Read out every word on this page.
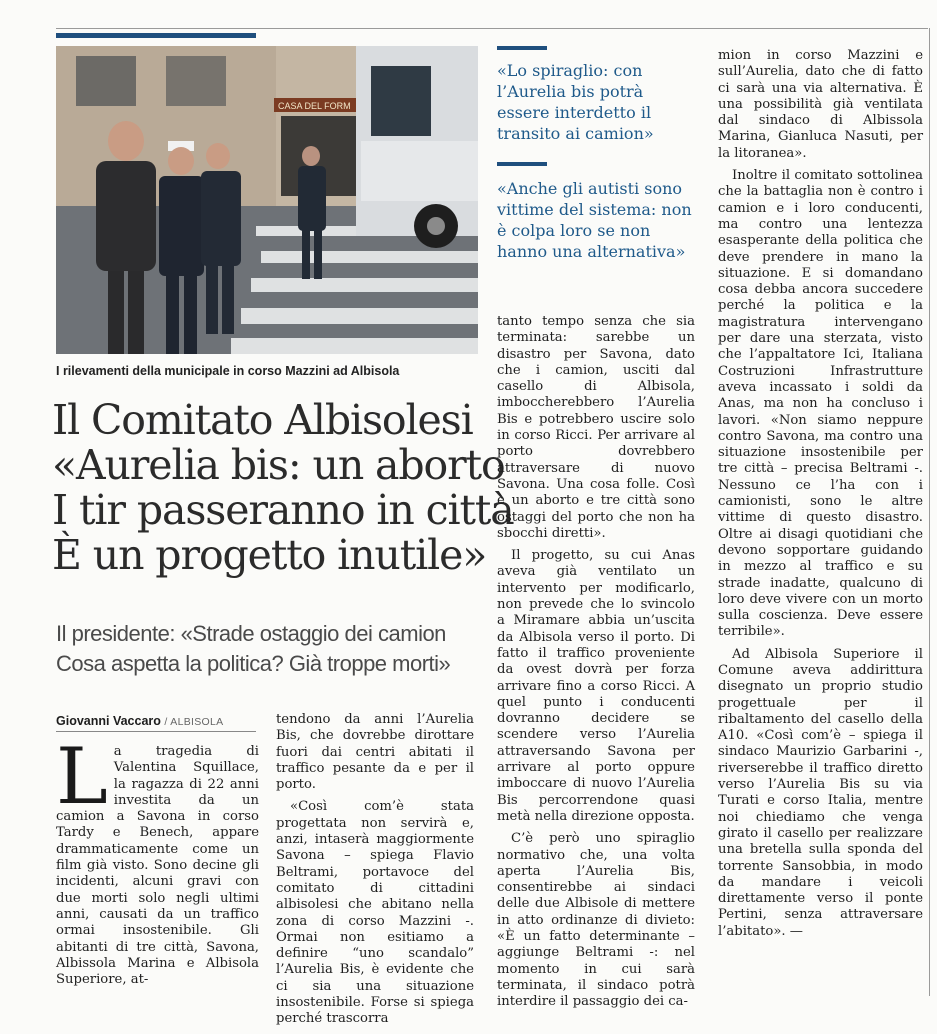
CASA DEL FORM
I rilevamenti della municipale in corso Mazzini ad Albisola
Il Comitato Albisolesi
«Aurelia bis: un aborto
I tir passeranno in città
È un progetto inutile»
Il presidente: «Strade ostaggio dei camion
Cosa aspetta la politica? Già troppe morti»
Giovanni Vaccaro / ALBISOLA
L a tragedia di Valentina Squillace, la ragazza di 22 anni investita da un camion a Savona in corso Tardy e Benech, appare drammaticamente come un film già visto. Sono decine gli incidenti, alcuni gravi con due morti solo negli ultimi anni, causati da un traffico ormai insostenibile. Gli abitanti di tre città, Savona, Albissola Marina e Albisola Superiore, at-

tendono da anni l’Aurelia Bis, che dovrebbe dirottare fuori dai centri abitati il traffico pesante da e per il porto.

«Così com’è stata progettata non servirà e, anzi, intaserà maggiormente Savona – spiega Flavio Beltrami, portavoce del comitato di cittadini albisolesi che abitano nella zona di corso Mazzini -. Ormai non esitiamo a definire “uno scandalo” l’Aurelia Bis, è evidente che ci sia una situazione insostenibile. Forse si spiega perché trascorra

«Lo spiraglio: con l’Aurelia bis potrà essere interdetto il transito ai camion»
«Anche gli autisti sono vittime del sistema: non è colpa loro se non hanno una alternativa»

tanto tempo senza che sia terminata: sarebbe un disastro per Savona, dato che i camion, usciti dal casello di Albisola, imboccherebbero l’Aurelia Bis e potrebbero uscire solo in corso Ricci. Per arrivare al porto dovrebbero attraversare di nuovo Savona. Una cosa folle. Così è un aborto e tre città sono ostaggi del porto che non ha sbocchi diretti».

Il progetto, su cui Anas aveva già ventilato un intervento per modificarlo, non prevede che lo svincolo a Miramare abbia un’uscita da Albisola verso il porto. Di fatto il traffico proveniente da ovest dovrà per forza arrivare fino a corso Ricci. A quel punto i conducenti dovranno decidere se scendere verso l’Aurelia attraversando Savona per arrivare al porto oppure imboccare di nuovo l’Aurelia Bis percorrendone quasi metà nella direzione opposta.

C’è però uno spiraglio normativo che, una volta aperta l’Aurelia Bis, consentirebbe ai sindaci delle due Albisole di mettere in atto ordinanze di divieto: «È un fatto determinante – aggiunge Beltrami -: nel momento in cui sarà terminata, il sindaco potrà interdire il passaggio dei ca-

mion in corso Mazzini e sull’Aurelia, dato che di fatto ci sarà una via alternativa. È una possibilità già ventilata dal sindaco di Albissola Marina, Gianluca Nasuti, per la litoranea».

Inoltre il comitato sottolinea che la battaglia non è contro i camion e i loro conducenti, ma contro una lentezza esasperante della politica che deve prendere in mano la situazione. E si domandano cosa debba ancora succedere perché la politica e la magistratura intervengano per dare una sterzata, visto che l’appaltatore Ici, Italiana Costruzioni Infrastrutture aveva incassato i soldi da Anas, ma non ha concluso i lavori. «Non siamo neppure contro Savona, ma contro una situazione insostenibile per tre città – precisa Beltrami -. Nessuno ce l’ha con i camionisti, sono le altre vittime di questo disastro. Oltre ai disagi quotidiani che devono sopportare guidando in mezzo al traffico e su strade inadatte, qualcuno di loro deve vivere con un morto sulla coscienza. Deve essere terribile».

Ad Albisola Superiore il Comune aveva addirittura disegnato un proprio studio progettuale per il ribaltamento del casello della A10. «Così com’è – spiega il sindaco Maurizio Garbarini -, riverserebbe il traffico diretto verso l’Aurelia Bis su via Turati e corso Italia, mentre noi chiediamo che venga girato il casello per realizzare una bretella sulla sponda del torrente Sansobbia, in modo da mandare i veicoli direttamente verso il ponte Pertini, senza attraversare l’abitato». —
